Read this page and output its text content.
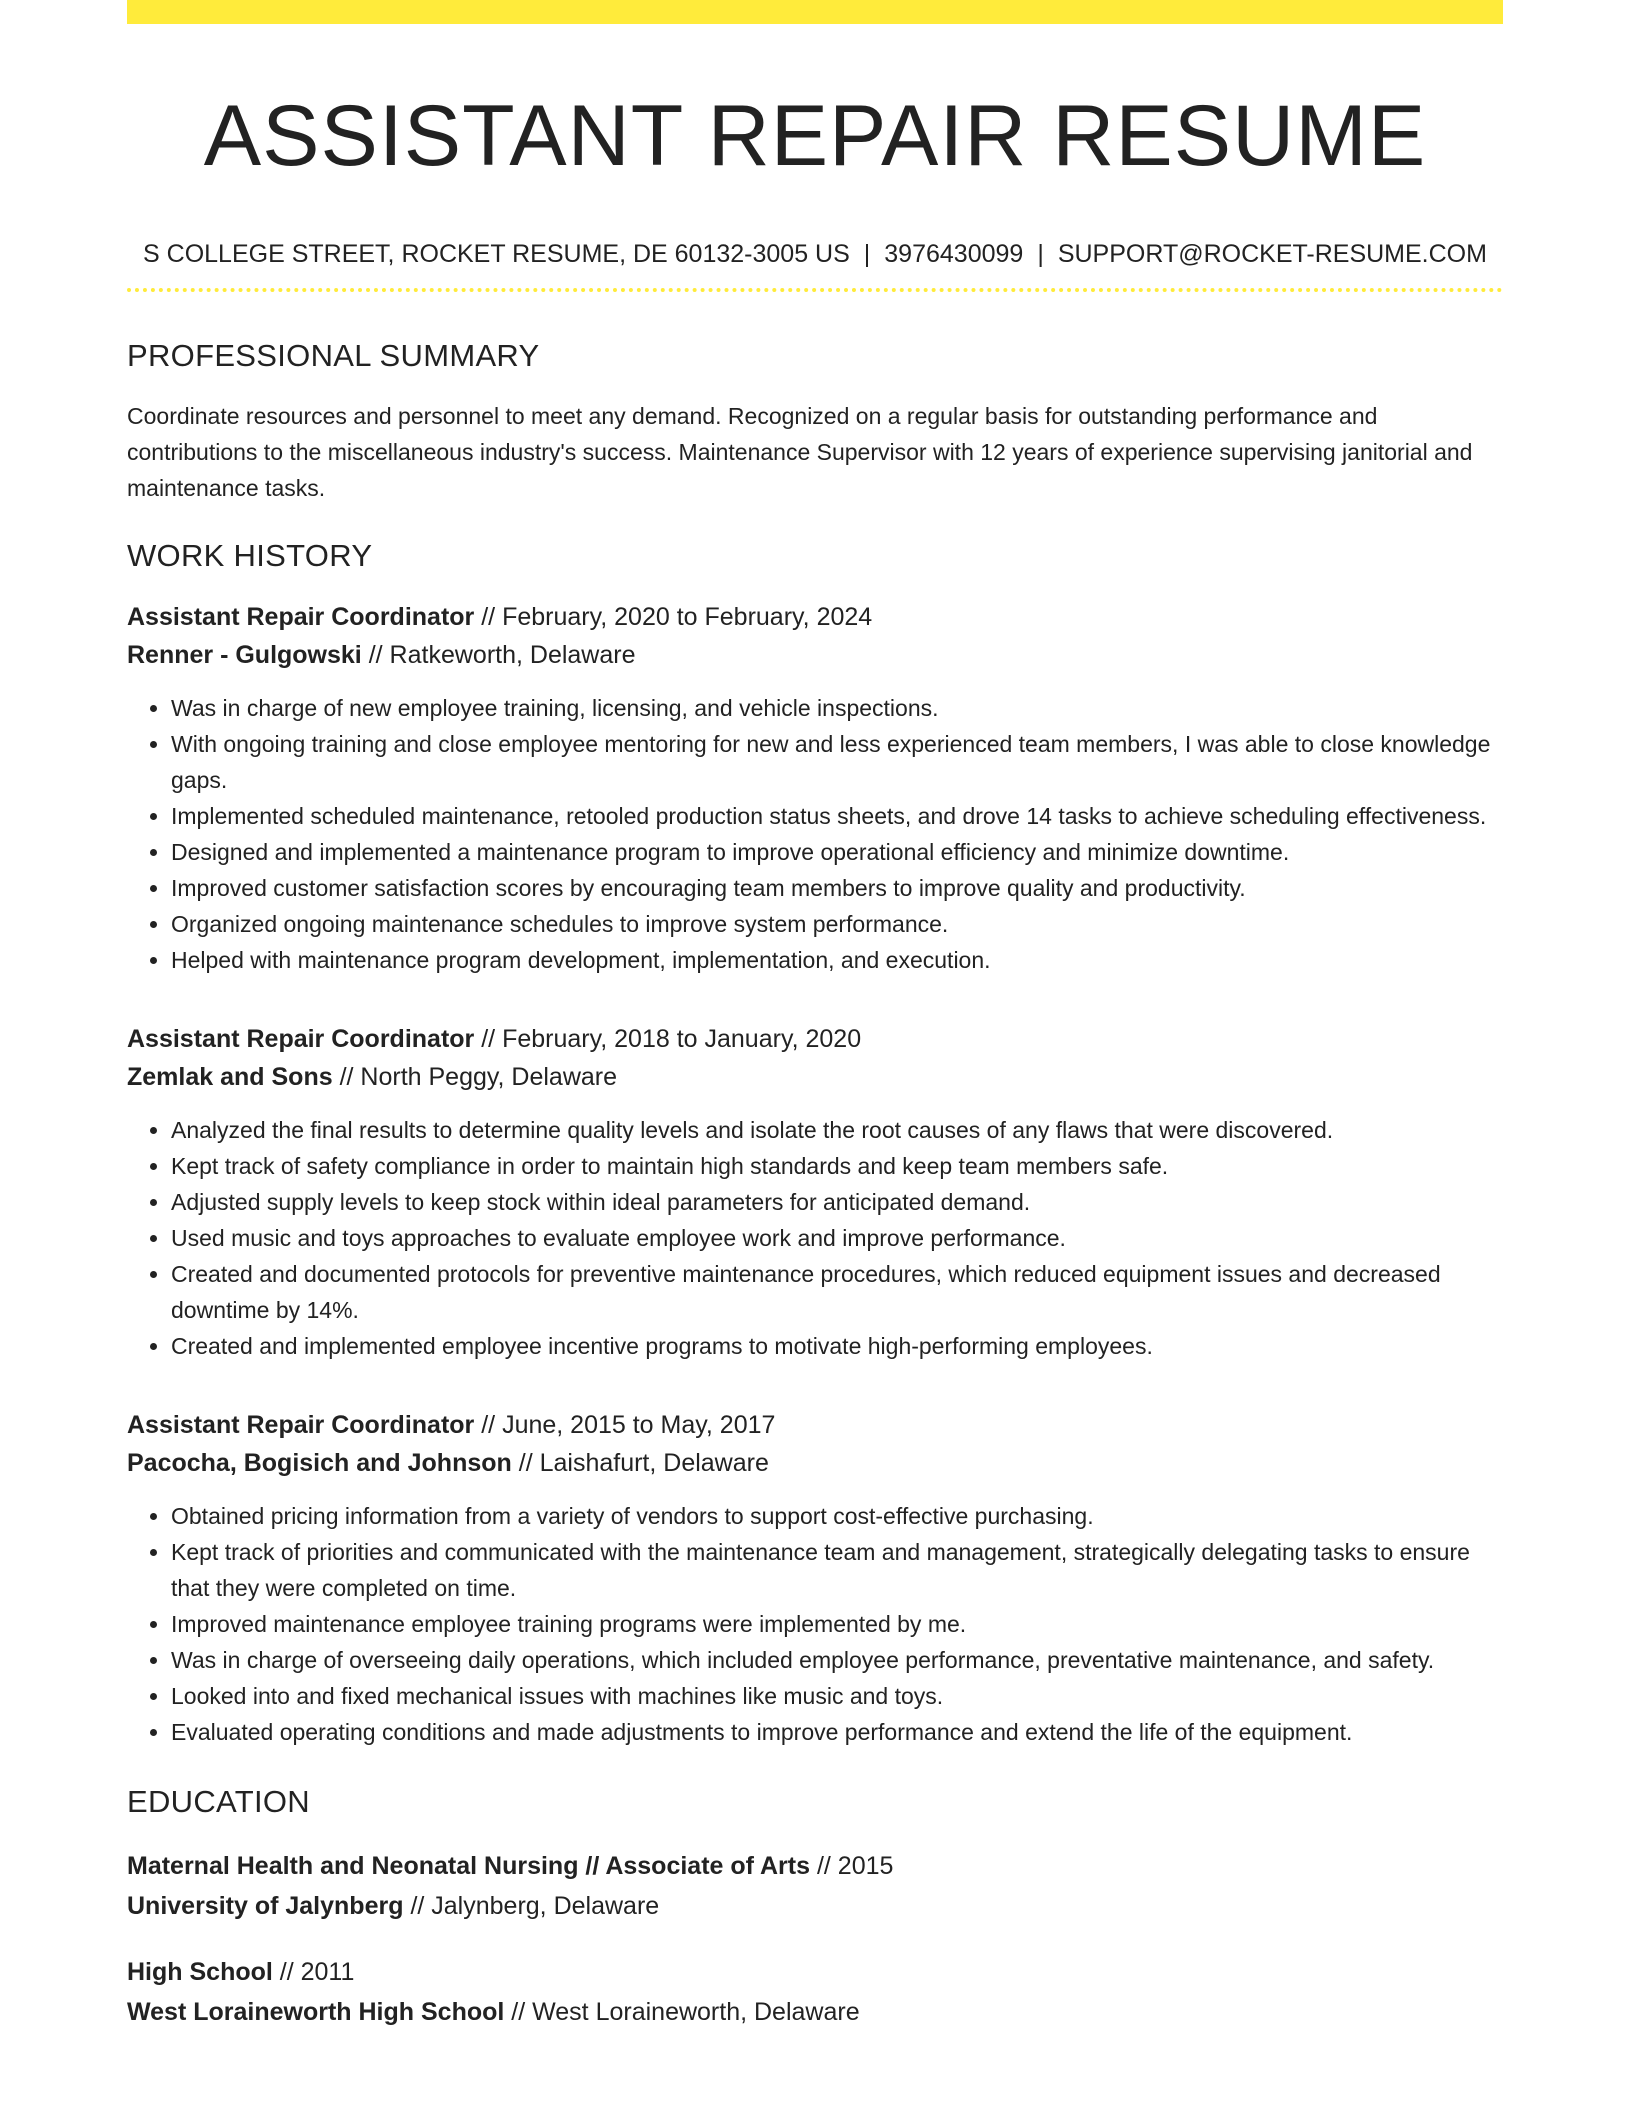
ASSISTANT REPAIR RESUME
S COLLEGE STREET, ROCKET RESUME, DE 60132-3005 US | 3976430099 | SUPPORT@ROCKET-RESUME.COM
PROFESSIONAL SUMMARY

Coordinate resources and personnel to meet any demand. Recognized on a regular basis for outstanding performance and contributions to the miscellaneous industry's success. Maintenance Supervisor with 12 years of experience supervising janitorial and maintenance tasks.

WORK HISTORY
Assistant Repair Coordinator // February, 2020 to February, 2024
Renner - Gulgowski // Ratkeworth, Delaware
• Was in charge of new employee training, licensing, and vehicle inspections.
• With ongoing training and close employee mentoring for new and less experienced team members, I was able to close knowledge gaps.
• Implemented scheduled maintenance, retooled production status sheets, and drove 14 tasks to achieve scheduling effectiveness.
• Designed and implemented a maintenance program to improve operational efficiency and minimize downtime.
• Improved customer satisfaction scores by encouraging team members to improve quality and productivity.
• Organized ongoing maintenance schedules to improve system performance.
• Helped with maintenance program development, implementation, and execution.
Assistant Repair Coordinator // February, 2018 to January, 2020
Zemlak and Sons // North Peggy, Delaware
• Analyzed the final results to determine quality levels and isolate the root causes of any flaws that were discovered.
• Kept track of safety compliance in order to maintain high standards and keep team members safe.
• Adjusted supply levels to keep stock within ideal parameters for anticipated demand.
• Used music and toys approaches to evaluate employee work and improve performance.
• Created and documented protocols for preventive maintenance procedures, which reduced equipment issues and decreased downtime by 14%.
• Created and implemented employee incentive programs to motivate high-performing employees.
Assistant Repair Coordinator // June, 2015 to May, 2017
Pacocha, Bogisich and Johnson // Laishafurt, Delaware
• Obtained pricing information from a variety of vendors to support cost-effective purchasing.
• Kept track of priorities and communicated with the maintenance team and management, strategically delegating tasks to ensure that they were completed on time.
• Improved maintenance employee training programs were implemented by me.
• Was in charge of overseeing daily operations, which included employee performance, preventative maintenance, and safety.
• Looked into and fixed mechanical issues with machines like music and toys.
• Evaluated operating conditions and made adjustments to improve performance and extend the life of the equipment.
EDUCATION
Maternal Health and Neonatal Nursing // Associate of Arts // 2015
University of Jalynberg // Jalynberg, Delaware
High School // 2011
West Loraineworth High School // West Loraineworth, Delaware
